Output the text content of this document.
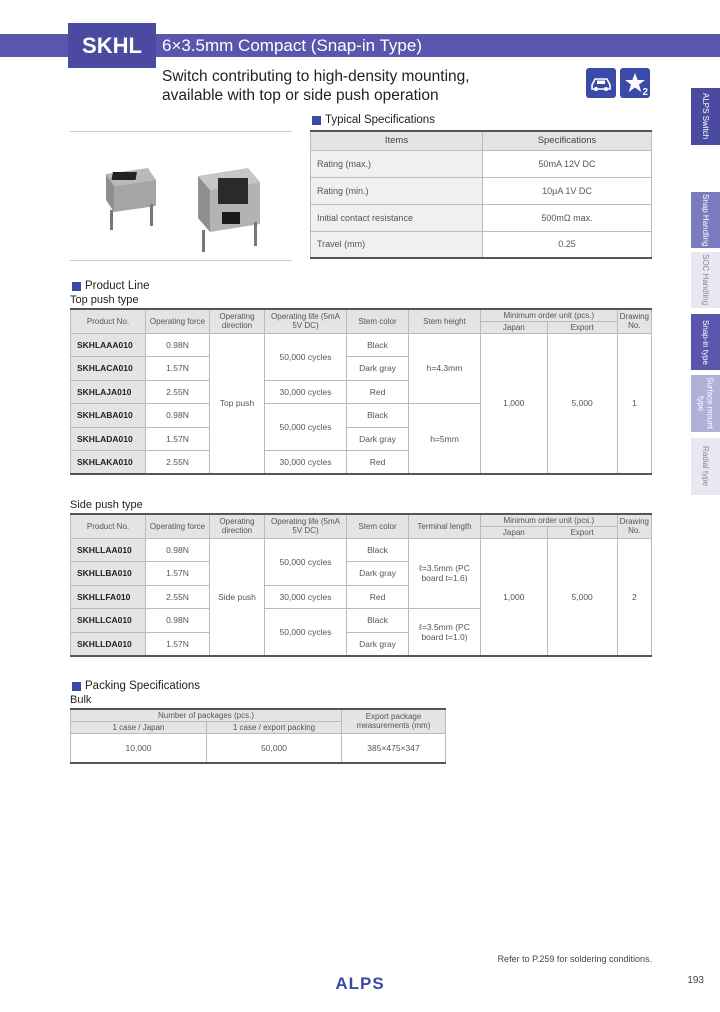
SKHL	6×3.5mm Compact (Snap-in Type)
Switch contributing to high-density mounting,
available with top or side push operation	2
ALPS Switch
Snap Handling
SOC Handling
Snap-in type
Surface mount type
Radial type
Typical Specifications
Items	Specifications
Rating (max.)	50mA 12V DC
Rating (min.)	10μA 1V DC
Initial contact resistance	500mΩ max.
Travel (mm)	0.25
Product Line
Top push type
Product No.	Operating force	Operating direction	Operating life (5mA 5V DC)	Stem color	Stem height	Minimum order unit (pcs.)		Drawing No.
						Japan	Export	
SKHLAAA010	0.98N	Top push	50,000 cycles	Black	h=4.3mm	1,000	5,000	1
SKHLACA010	1.57N			Dark gray				
SKHLAJA010	2.55N		30,000 cycles	Red				
SKHLABA010	0.98N		50,000 cycles	Black	h=5mm			
SKHLADA010	1.57N			Dark gray				
SKHLAKA010	2.55N		30,000 cycles	Red				
Side push type
Product No.	Operating force	Operating direction	Operating life (5mA 5V DC)	Stem color	Terminal length	Minimum order unit (pcs.)		Drawing No.
						Japan	Export	
SKHLLAA010	0.98N	Side push	50,000 cycles	Black	ℓ=3.5mm (PC board t=1.6)	1,000	5,000	2
SKHLLBA010	1.57N			Dark gray				
SKHLLFA010	2.55N		30,000 cycles	Red				
SKHLLCA010	0.98N		50,000 cycles	Black	ℓ=3.5mm (PC board t=1.0)			
SKHLLDA010	1.57N			Dark gray				
Packing Specifications
Bulk
Number of packages (pcs.)		Export package measurements (mm)
1 case / Japan	1 case / export packing	
10,000	50,000	385×475×347
Refer to P.259 for soldering conditions.
ALPS	193
